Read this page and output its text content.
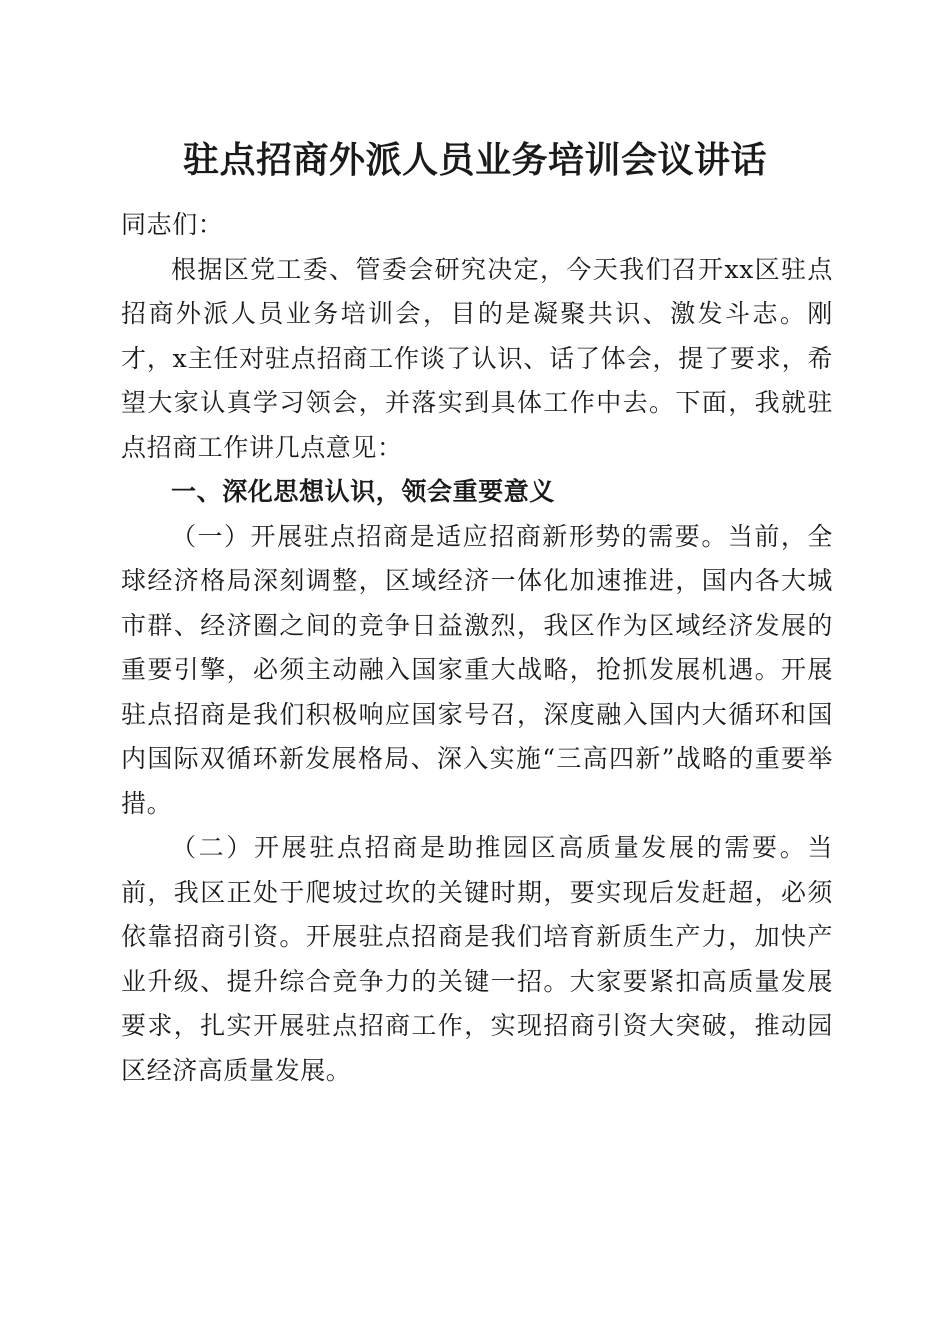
驻点招商外派人员业务培训会议讲话

同志们：

根据区党工委、管委会研究决定，今天我们召开xx区驻点招商外派人员业务培训会，目的是凝聚共识、激发斗志。刚才，x主任对驻点招商工作谈了认识、话了体会，提了要求，希望大家认真学习领会，并落实到具体工作中去。下面，我就驻点招商工作讲几点意见：

一、深化思想认识，领会重要意义

（一）开展驻点招商是适应招商新形势的需要。当前，全球经济格局深刻调整，区域经济一体化加速推进，国内各大城市群、经济圈之间的竞争日益激烈，我区作为区域经济发展的重要引擎，必须主动融入国家重大战略，抢抓发展机遇。开展驻点招商是我们积极响应国家号召，深度融入国内大循环和国内国际双循环新发展格局、深入实施“三高四新”战略的重要举措。

（二）开展驻点招商是助推园区高质量发展的需要。当前，我区正处于爬坡过坎的关键时期，要实现后发赶超，必须依靠招商引资。开展驻点招商是我们培育新质生产力，加快产业升级、提升综合竞争力的关键一招。大家要紧扣高质量发展要求，扎实开展驻点招商工作，实现招商引资大突破，推动园区经济高质量发展。
